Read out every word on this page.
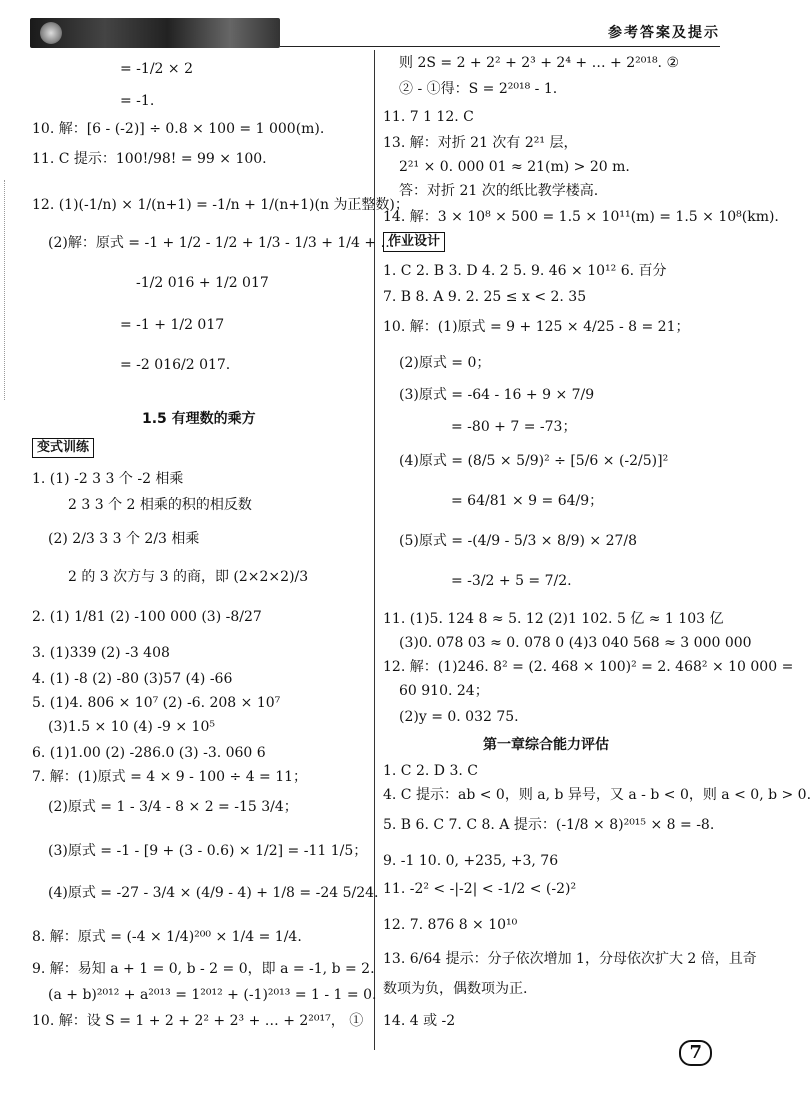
参考答案及提示
= -1/2 × 2
= -1.
10. 解：[6 - (-2)] ÷ 0.8 × 100 = 1 000(m).
11. C 提示：100!/98! = 99 × 100.
12. (1)(-1/n) × 1/(n+1) = -1/n + 1/(n+1)(n 为正整数)；
(2)解：原式 = -1 + 1/2 - 1/2 + 1/3 - 1/3 + 1/4 + …
-1/2 016 + 1/2 017
= -1 + 1/2 017
= -2 016/2 017.
1.5 有理数的乘方
变式训练
1. (1) -2 3 3 个 -2 相乘
2 3 3 个 2 相乘的积的相反数
(2) 2/3 3 3 个 2/3 相乘
2 的 3 次方与 3 的商，即 (2×2×2)/3
2. (1) 1/81 (2) -100 000 (3) -8/27
3. (1)339 (2) -3 408
4. (1) -8 (2) -80 (3)57 (4) -66
5. (1)4. 806 × 10⁷ (2) -6. 208 × 10⁷
(3)1.5 × 10 (4) -9 × 10⁵
6. (1)1.00 (2) -286.0 (3) -3. 060 6
7. 解：(1)原式 = 4 × 9 - 100 ÷ 4 = 11；
(2)原式 = 1 - 3/4 - 8 × 2 = -15 3/4；
(3)原式 = -1 - [9 + (3 - 0.6) × 1/2] = -11 1/5；
(4)原式 = -27 - 3/4 × (4/9 - 4) + 1/8 = -24 5/24.
8. 解：原式 = (-4 × 1/4)²⁰⁰ × 1/4 = 1/4.
9. 解：易知 a + 1 = 0, b - 2 = 0，即 a = -1, b = 2.
(a + b)²⁰¹² + a²⁰¹³ = 1²⁰¹² + (-1)²⁰¹³ = 1 - 1 = 0.
10. 解：设 S = 1 + 2 + 2² + 2³ + … + 2²⁰¹⁷， ①
则 2S = 2 + 2² + 2³ + 2⁴ + … + 2²⁰¹⁸. ②
② - ①得：S = 2²⁰¹⁸ - 1.
11. 7 1 12. C
13. 解：对折 21 次有 2²¹ 层，
2²¹ × 0. 000 01 ≈ 21(m) > 20 m.
答：对折 21 次的纸比教学楼高.
14. 解：3 × 10⁸ × 500 = 1.5 × 10¹¹(m) = 1.5 × 10⁸(km).
作业设计
1. C 2. B 3. D 4. 2 5. 9. 46 × 10¹² 6. 百分
7. B 8. A 9. 2. 25 ≤ x < 2. 35
10. 解：(1)原式 = 9 + 125 × 4/25 - 8 = 21；
(2)原式 = 0；
(3)原式 = -64 - 16 + 9 × 7/9
= -80 + 7 = -73；
(4)原式 = (8/5 × 5/9)² ÷ [5/6 × (-2/5)]²
= 64/81 × 9 = 64/9；
(5)原式 = -(4/9 - 5/3 × 8/9) × 27/8
= -3/2 + 5 = 7/2.
11. (1)5. 124 8 ≈ 5. 12 (2)1 102. 5 亿 ≈ 1 103 亿
(3)0. 078 03 ≈ 0. 078 0 (4)3 040 568 ≈ 3 000 000
12. 解：(1)246. 8² = (2. 468 × 100)² = 2. 468² × 10 000 =
60 910. 24；
(2)y = 0. 032 75.
第一章综合能力评估
1. C 2. D 3. C
4. C 提示：ab < 0，则 a, b 异号，又 a - b < 0，则 a < 0, b > 0.
5. B 6. C 7. C 8. A 提示：(-1/8 × 8)²⁰¹⁵ × 8 = -8.
9. -1 10. 0, +235, +3, 76
11. -2² < -|-2| < -1/2 < (-2)²
12. 7. 876 8 × 10¹⁰
13. 6/64 提示：分子依次增加 1，分母依次扩大 2 倍，且奇
数项为负，偶数项为正.
14. 4 或 -2
7
